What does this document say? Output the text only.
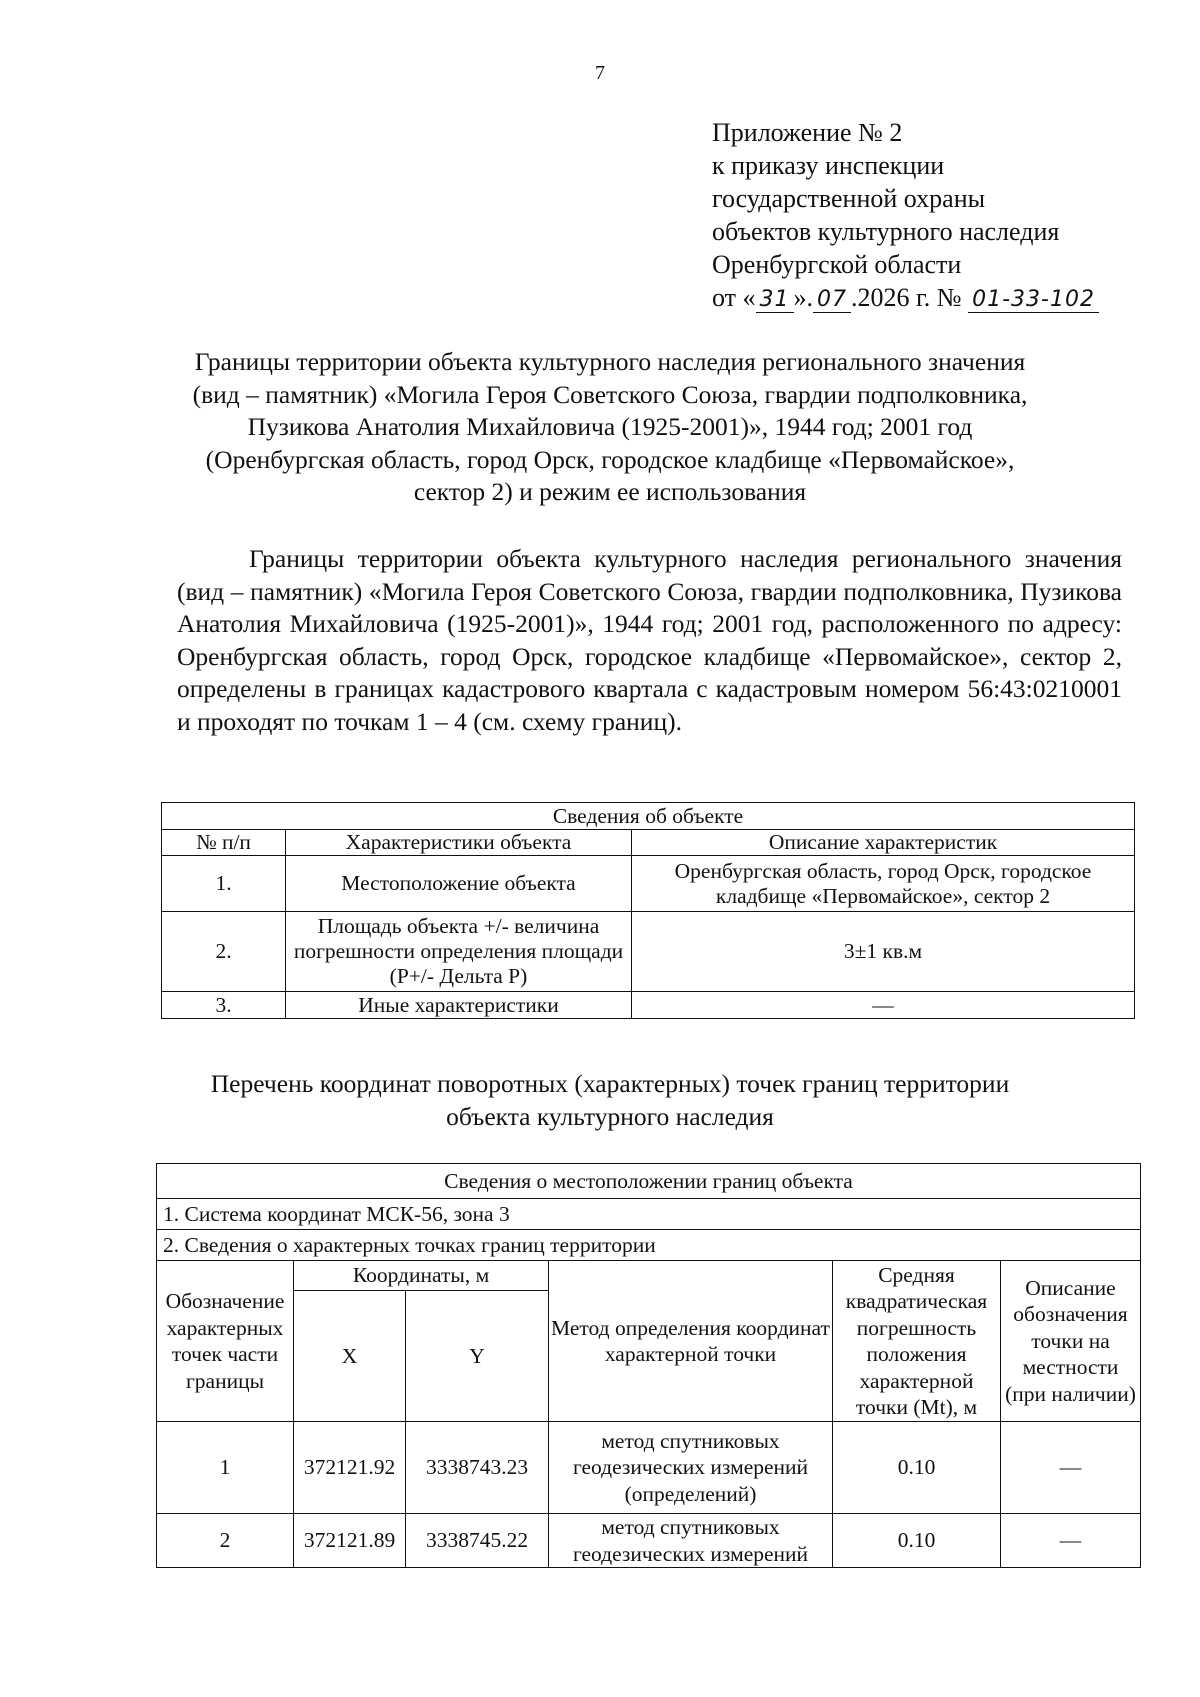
7
Приложение № 2
к приказу инспекции
государственной охраны
объектов культурного наследия
Оренбургской области
от « 31 ». 07 .2026 г. № 01-33-102
Границы территории объекта культурного наследия регионального значения
(вид – памятник) «Могила Героя Советского Союза, гвардии подполковника,
Пузикова Анатолия Михайловича (1925-2001)», 1944 год; 2001 год
(Оренбургская область, город Орск, городское кладбище «Первомайское»,
сектор 2) и режим ее использования
Границы территории объекта культурного наследия регионального значения (вид – памятник) «Могила Героя Советского Союза, гвардии подполковника, Пузикова Анатолия Михайловича (1925-2001)», 1944 год; 2001 год, расположенного по адресу: Оренбургская область, город Орск, городское кладбище «Первомайское», сектор 2, определены в границах кадастрового квартала с кадастровым номером 56:43:0210001 и проходят по точкам 1 – 4 (см. схему границ).
Сведения об объекте		
№ п/п	Характеристики объекта	Описание характеристик
1.	Местоположение объекта	Оренбургская область, город Орск, городское кладбище «Первомайское», сектор 2
2.	Площадь объекта +/- величина погрешности определения площади (Р+/- Дельта Р)	3±1 кв.м
3.	Иные характеристики	—
Перечень координат поворотных (характерных) точек границ территории
объекта культурного наследия
Сведения о местоположении границ объекта					
1. Система координат МСК-56, зона 3					
2. Сведения о характерных точках границ территории					
Обозначение характерных точек части границы	Координаты, м		Метод определения координат характерной точки	Средняя квадратическая погрешность положения характерной точки (Mt), м	Описание обозначения точки на местности (при наличии)
	X	Y			
1	372121.92	3338743.23	метод спутниковых геодезических измерений (определений)	0.10	—
2	372121.89	3338745.22	метод спутниковых геодезических измерений	0.10	—
